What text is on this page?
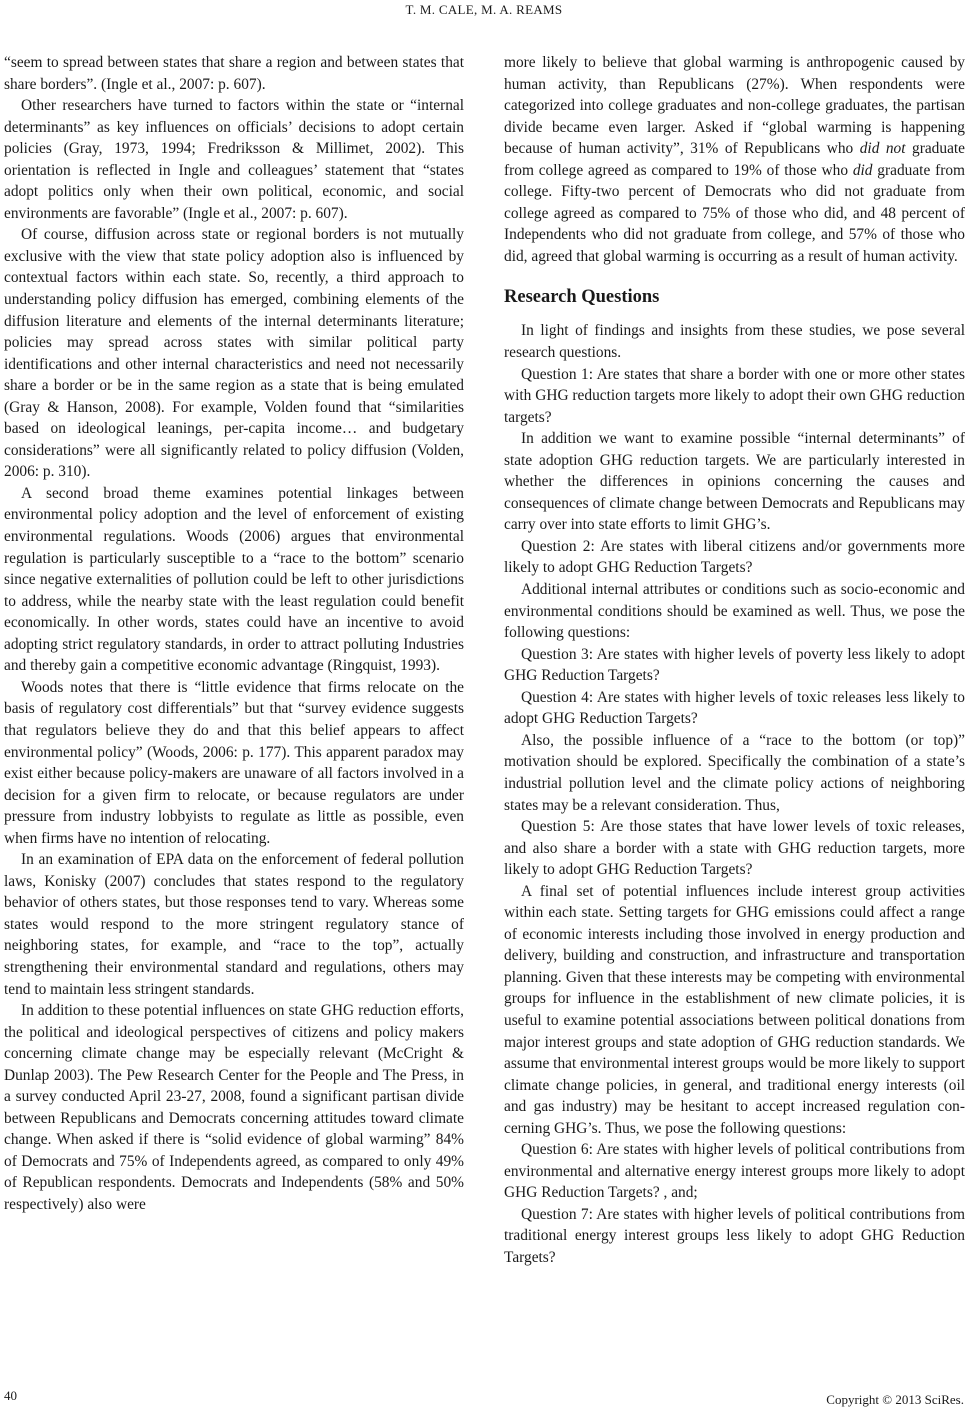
T. M. CALE, M. A. REAMS

“seem to spread between states that share a region and between states that share borders”. (Ingle et al., 2007: p. 607).

Other researchers have turned to factors within the state or “internal determinants” as key influences on officials’ decisions to adopt certain policies (Gray, 1973, 1994; Fredriksson & Millimet, 2002). This orientation is reflected in Ingle and colleagues’ statement that “states adopt politics only when their own political, economic, and social environments are favorable” (Ingle et al., 2007: p. 607).

Of course, diffusion across state or regional borders is not mutually exclusive with the view that state policy adoption also is influenced by contextual factors within each state. So, recently, a third approach to understanding policy diffusion has emerged, combining elements of the diffusion literature and elements of the internal determinants literature; policies may spread across states with similar political party identifications and other internal characteristics and need not necessarily share a border or be in the same region as a state that is being emulated (Gray & Hanson, 2008). For example, Volden found that “similarities based on ideological leanings, per-capita income… and budgetary considerations” were all significantly related to policy diffusion (Volden, 2006: p. 310).

A second broad theme examines potential linkages between environmental policy adoption and the level of enforcement of existing environmental regulations. Woods (2006) argues that environmental regulation is particularly susceptible to a “race to the bottom” scenario since negative externalities of pollution could be left to other jurisdictions to address, while the nearby state with the least regulation could benefit economically. In other words, states could have an incentive to avoid adopting strict regulatory standards, in order to attract polluting Industries and thereby gain a competitive economic advantage (Ringquist, 1993).

Woods notes that there is “little evidence that firms relocate on the basis of regulatory cost differentials” but that “survey evidence suggests that regulators believe they do and that this belief appears to affect environmental policy” (Woods, 2006: p. 177). This apparent paradox may exist either because policy-makers are unaware of all factors involved in a decision for a given firm to relocate, or because regulators are under pressure from industry lobbyists to regulate as little as possible, even when firms have no intention of relocating.

In an examination of EPA data on the enforcement of federal pollution laws, Konisky (2007) concludes that states respond to the regulatory behavior of others states, but those responses tend to vary. Whereas some states would respond to the more stringent regulatory stance of neighboring states, for example, and “race to the top”, actually strengthening their environmental standard and regulations, others may tend to maintain less stringent standards.

In addition to these potential influences on state GHG reduction efforts, the political and ideological perspectives of citizens and policy makers concerning climate change may be especially relevant (McCright & Dunlap 2003). The Pew Research Center for the People and The Press, in a survey conducted April 23-27, 2008, found a significant partisan divide between Republicans and Democrats concerning attitudes toward climate change. When asked if there is “solid evidence of global warming” 84% of Democrats and 75% of Independents agreed, as compared to only 49% of Republican respondents. Democrats and Independents (58% and 50% respectively) also were

more likely to believe that global warming is anthropogenic caused by human activity, than Republicans (27%). When respondents were categorized into college graduates and non-college graduates, the partisan divide became even larger. Asked if “global warming is happening because of human activity”, 31% of Republicans who did not graduate from college agreed as compared to 19% of those who did graduate from college. Fifty-two percent of Democrats who did not graduate from college agreed as compared to 75% of those who did, and 48 percent of Independents who did not graduate from college, and 57% of those who did, agreed that global warming is occurring as a result of human activity.

Research Questions

In light of findings and insights from these studies, we pose several research questions.

Question 1: Are states that share a border with one or more other states with GHG reduction targets more likely to adopt their own GHG reduction targets?

In addition we want to examine possible “internal determinants” of state adoption GHG reduction targets. We are particularly interested in whether the differences in opinions concerning the causes and consequences of climate change between Democrats and Republicans may carry over into state efforts to limit GHG’s.

Question 2: Are states with liberal citizens and/or governments more likely to adopt GHG Reduction Targets?

Additional internal attributes or conditions such as socio-economic and environmental conditions should be examined as well. Thus, we pose the following questions:

Question 3: Are states with higher levels of poverty less likely to adopt GHG Reduction Targets?

Question 4: Are states with higher levels of toxic releases less likely to adopt GHG Reduction Targets?

Also, the possible influence of a “race to the bottom (or top)” motivation should be explored. Specifically the combination of a state’s industrial pollution level and the climate policy actions of neighboring states may be a relevant consideration. Thus,

Question 5: Are those states that have lower levels of toxic releases, and also share a border with a state with GHG reduction targets, more likely to adopt GHG Reduction Targets?

A final set of potential influences include interest group activities within each state. Setting targets for GHG emissions could affect a range of economic interests including those involved in energy production and delivery, building and construction, and infrastructure and transportation planning. Given that these interests may be competing with environmental groups for influence in the establishment of new climate policies, it is useful to examine potential associations between political donations from major interest groups and state adoption of GHG reduction standards. We assume that environmental interest groups would be more likely to support climate change policies, in general, and traditional energy interests (oil and gas industry) may be hesitant to accept increased regulation concerning GHG’s. Thus, we pose the following questions:

Question 6: Are states with higher levels of political contributions from environmental and alternative energy interest groups more likely to adopt GHG Reduction Targets? , and;

Question 7: Are states with higher levels of political contributions from traditional energy interest groups less likely to adopt GHG Reduction Targets?

40	Copyright © 2013 SciRes.
